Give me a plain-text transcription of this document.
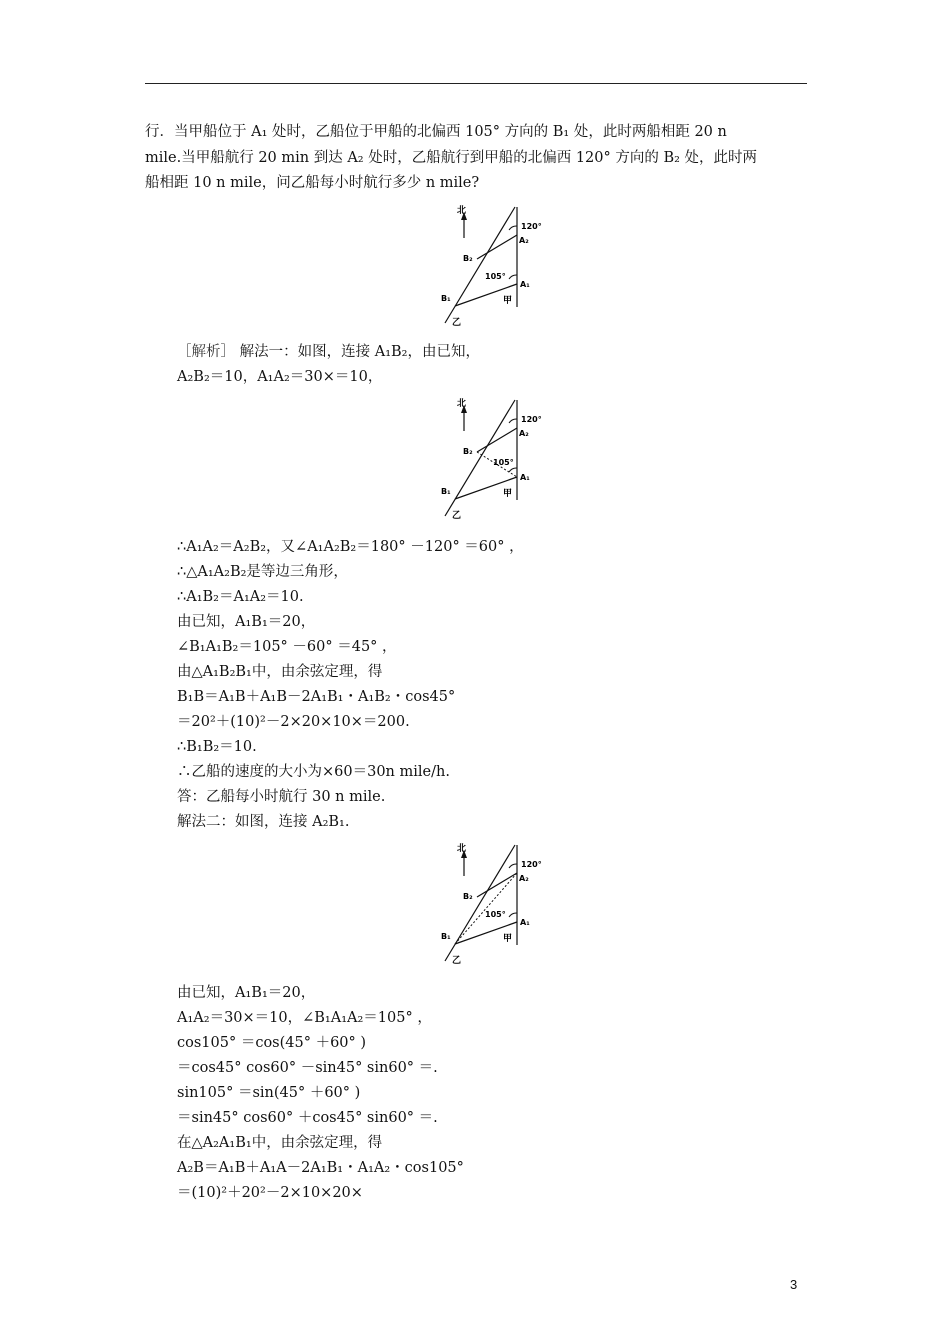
行．当甲船位于 A₁ 处时，乙船位于甲船的北偏西 105° 方向的 B₁ 处，此时两船相距 20 n
mile.当甲船航行 20 min 到达 A₂ 处时，乙船航行到甲船的北偏西 120° 方向的 B₂ 处，此时两
船相距 10 n mile，问乙船每小时航行多少 n mile?
北
120°
A₂
B₂
105°
A₁
B₁	甲
乙
［解析］ 解法一：如图，连接 A₁B₂，由已知，
A₂B₂＝10，A₁A₂＝30×＝10，
北
120°
A₂
B₂
105°
A₁
B₁	甲
乙
∴A₁A₂＝A₂B₂，又∠A₁A₂B₂＝180° －120° ＝60° ，
∴△A₁A₂B₂是等边三角形，
∴A₁B₂＝A₁A₂＝10.
由已知，A₁B₁＝20，
∠B₁A₁B₂＝105° －60° ＝45° ，
由△A₁B₂B₁中，由余弦定理，得
B₁B＝A₁B＋A₁B－2A₁B₁・A₁B₂・cos45°
＝20²＋(10)²－2×20×10×＝200.
∴B₁B₂＝10.
∴乙船的速度的大小为×60＝30n mile/h.
答：乙船每小时航行 30 n mile.
解法二：如图，连接 A₂B₁.
北
120°
A₂
B₂
105°
A₁
B₁	甲
乙
由已知，A₁B₁＝20，
A₁A₂＝30×＝10，∠B₁A₁A₂＝105° ，
cos105° ＝cos(45° ＋60° )
＝cos45° cos60° －sin45° sin60° ＝.
sin105° ＝sin(45° ＋60° )
＝sin45° cos60° ＋cos45° sin60° ＝.
在△A₂A₁B₁中，由余弦定理，得
A₂B＝A₁B＋A₁A－2A₁B₁・A₁A₂・cos105°
＝(10)²＋20²－2×10×20×
3
